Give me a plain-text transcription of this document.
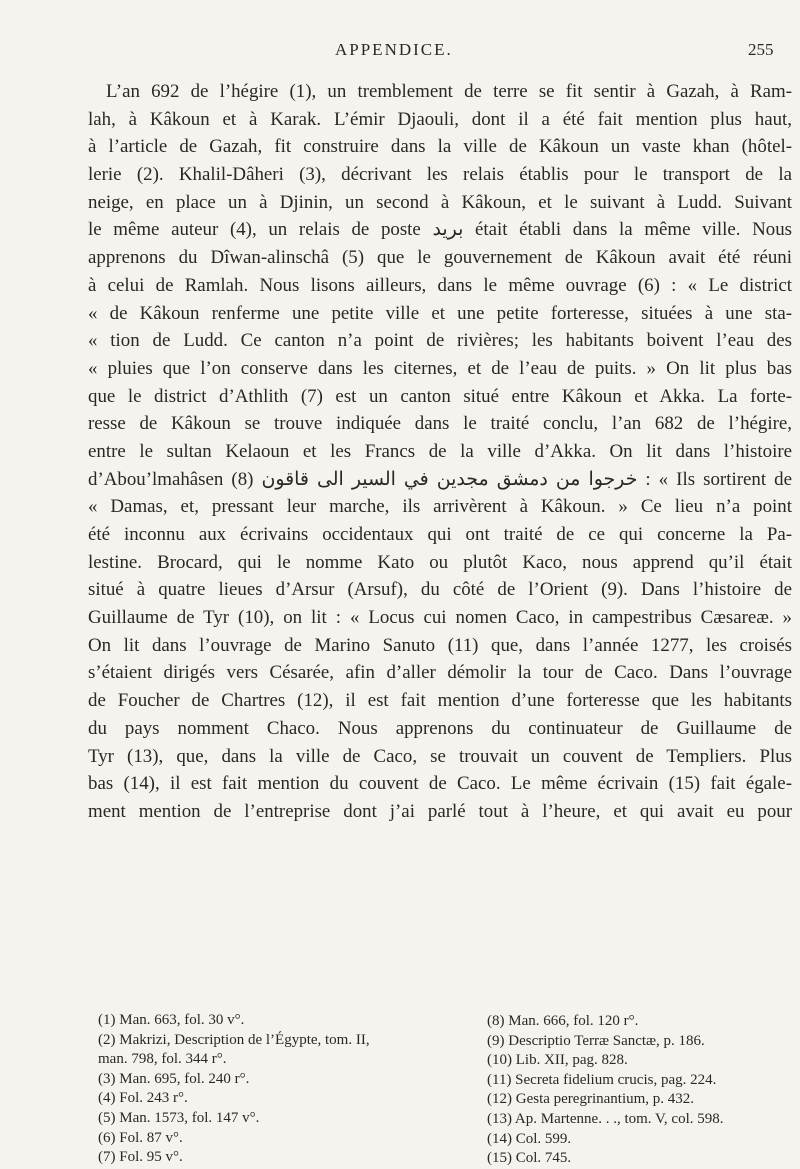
APPENDICE.	255
L’an 692 de l’hégire (1), un tremblement de terre se fit sentir à Gazah, à Ram-
lah, à Kâkoun et à Karak. L’émir Djaouli, dont il a été fait mention plus haut,
à l’article de Gazah, fit construire dans la ville de Kâkoun un vaste khan (hôtel-
lerie (2). Khalil-Dâheri (3), décrivant les relais établis pour le transport de la
neige, en place un à Djinin, un second à Kâkoun, et le suivant à Ludd. Suivant
le même auteur (4), un relais de poste بريد était établi dans la même ville. Nous
apprenons du Dîwan-alinschâ (5) que le gouvernement de Kâkoun avait été réuni
à celui de Ramlah. Nous lisons ailleurs, dans le même ouvrage (6) : « Le district
« de Kâkoun renferme une petite ville et une petite forteresse, situées à une sta-
« tion de Ludd. Ce canton n’a point de rivières; les habitants boivent l’eau des
« pluies que l’on conserve dans les citernes, et de l’eau de puits. » On lit plus bas
que le district d’Athlith (7) est un canton situé entre Kâkoun et Akka. La forte-
resse de Kâkoun se trouve indiquée dans le traité conclu, l’an 682 de l’hégire,
entre le sultan Kelaoun et les Francs de la ville d’Akka. On lit dans l’histoire
d’Abou’lmahâsen (8) خرجوا من دمشق مجدين في السير الى قاقون : « Ils sortirent de
« Damas, et, pressant leur marche, ils arrivèrent à Kâkoun. » Ce lieu n’a point
été inconnu aux écrivains occidentaux qui ont traité de ce qui concerne la Pa-
lestine. Brocard, qui le nomme Kato ou plutôt Kaco, nous apprend qu’il était
situé à quatre lieues d’Arsur (Arsuf), du côté de l’Orient (9). Dans l’histoire de
Guillaume de Tyr (10), on lit : « Locus cui nomen Caco, in campestribus Cæsareæ. »
On lit dans l’ouvrage de Marino Sanuto (11) que, dans l’année 1277, les croisés
s’étaient dirigés vers Césarée, afin d’aller démolir la tour de Caco. Dans l’ouvrage
de Foucher de Chartres (12), il est fait mention d’une forteresse que les habitants
du pays nomment Chaco. Nous apprenons du continuateur de Guillaume de
Tyr (13), que, dans la ville de Caco, se trouvait un couvent de Templiers. Plus
bas (14), il est fait mention du couvent de Caco. Le même écrivain (15) fait égale-
ment mention de l’entreprise dont j’ai parlé tout à l’heure, et qui avait eu pour
(1) Man. 663, fol. 30 v°.
(2) Makrizi, Description de l’Égypte, tom. II,
man. 798, fol. 344 r°.
(3) Man. 695, fol. 240 r°.
(4) Fol. 243 r°.
(5) Man. 1573, fol. 147 v°.
(6) Fol. 87 v°.
(7) Fol. 95 v°.
(8) Man. 666, fol. 120 r°.
(9) Descriptio Terræ Sanctæ, p. 186.
(10) Lib. XII, pag. 828.
(11) Secreta fidelium crucis, pag. 224.
(12) Gesta peregrinantium, p. 432.
(13) Ap. Martenne. . ., tom. V, col. 598.
(14) Col. 599.
(15) Col. 745.
